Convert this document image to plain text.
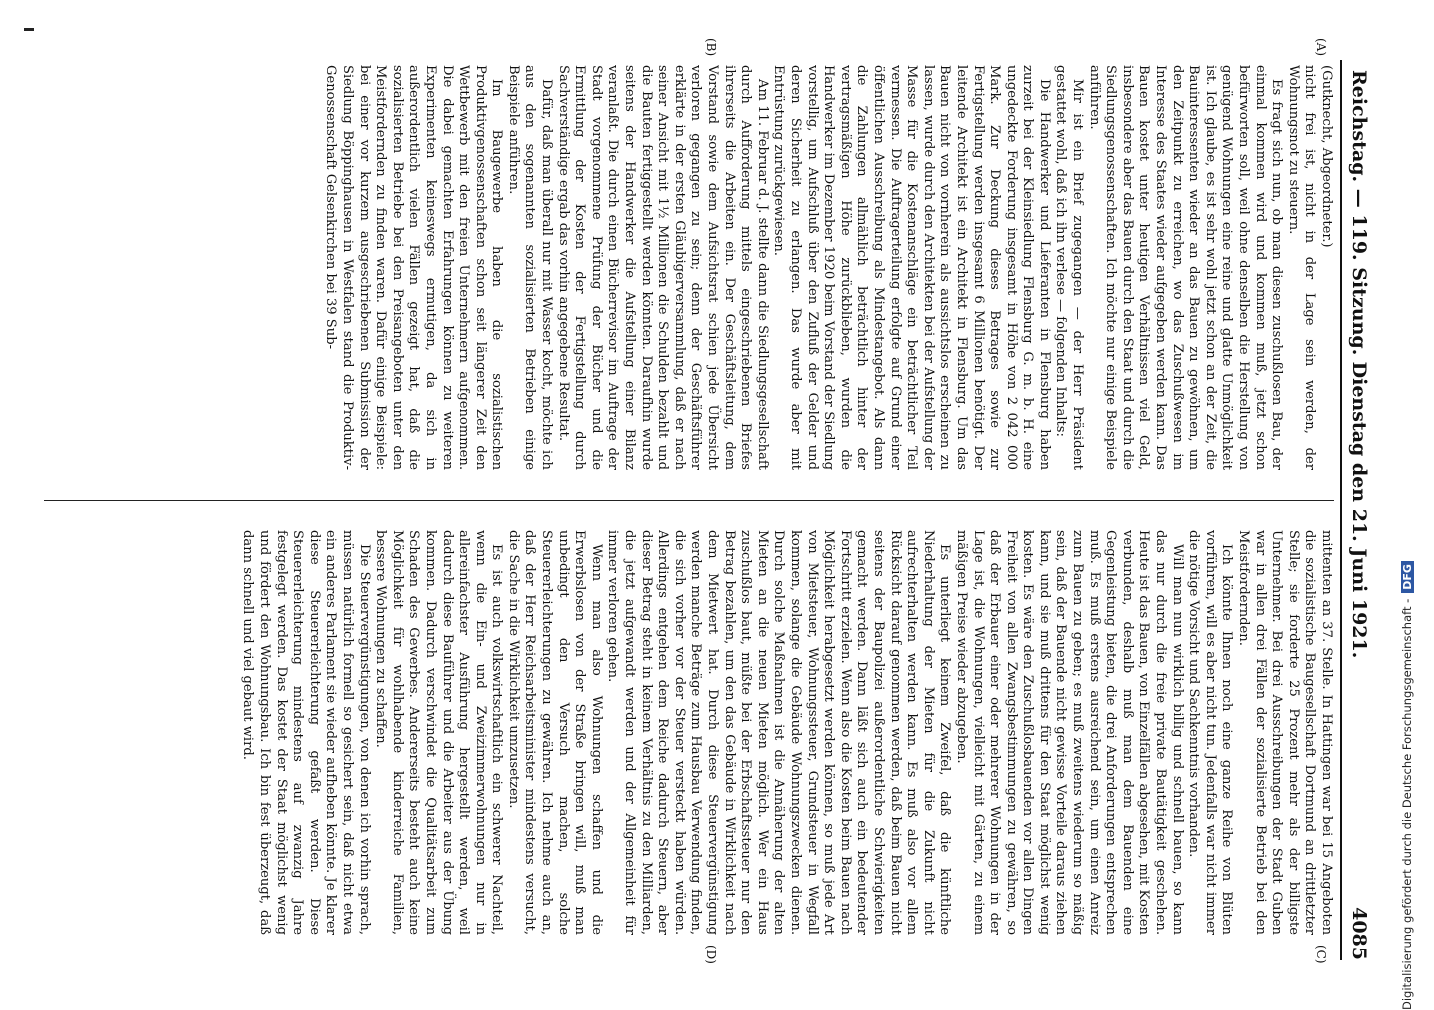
Reichstag. — 119. Sitzung.
Dienstag den 21. Juni 1921.
4085
(A)
(B)
(C)
(D)

(Gutknecht, Abgeordneter.)

nicht frei ist, nicht in der Lage sein werden, der Wohnungsnot zu steuern.

Es fragt sich nun, ob man diesen zuschußlosen Bau, der einmal kommen wird und kommen muß, jetzt schon befürworten soll, weil ohne denselben die Herstellung von genügend Wohnungen eine reine und glatte Unmöglichkeit ist. Ich glaube, es ist sehr wohl jetzt schon an der Zeit, die Bauinteressenten wieder an das Bauen zu gewöhnen, um den Zeitpunkt zu erreichen, wo das Zuschußwesen im Interesse des Staates wieder aufgegeben werden kann. Das Bauen kostet unter heutigen Verhältnissen viel Geld, insbesondere aber das Bauen durch den Staat und durch die Siedlungsgenossenschaften. Ich möchte nur einige Beispiele anführen.

Mir ist ein Brief zugegangen — der Herr Präsident gestattet wohl, daß ich ihn verlese — folgenden Inhalts:

Die Handwerker und Lieferanten in Flensburg haben zurzeit bei der Kleinsiedlung Flensburg G. m. b. H. eine ungedeckte Forderung insgesamt in Höhe von 2 042 000 Mark. Zur Deckung dieses Betrages sowie zur Fertigstellung werden insgesamt 6 Millionen benötigt. Der leitende Architekt ist ein Architekt in Flensburg. Um das Bauen nicht von vornherein als aussichtslos erscheinen zu lassen, wurde durch den Architekten bei der Aufstellung der Masse für die Kostenanschläge ein beträchtlicher Teil vermessen. Die Auftragerteilung erfolgte auf Grund einer öffentlichen Ausschreibung als Mindestangebot. Als dann die Zahlungen allmählich beträchtlich hinter der vertragsmäßigen Höhe zurückblieben, wurden die Handwerker im Dezember 1920 beim Vorstand der Siedlung vorstellig, um Aufschluß über den Zufluß der Gelder und deren Sicherheit zu erlangen. Das wurde aber mit Entrüstung zurückgewiesen.

Am 11. Februar d. J. stellte dann die Siedlungsgesellschaft durch Aufforderung mittels eingeschriebenen Briefes ihrerseits die Arbeiten ein. Der Geschäftsleitung, dem Vorstand sowie dem Aufsichtsrat schien jede Übersicht verloren gegangen zu sein; denn der Geschäftsführer erklärte in der ersten Gläubigerversammlung, daß er nach seiner Ansicht mit 1½ Millionen die Schulden bezahlt und die Bauten fertiggestellt werden könnten. Daraufhin wurde seitens der Handwerker die Aufstellung einer Bilanz veranlaßt. Die durch einen Bücherrevisor im Auftrage der Stadt vorgenommene Prüfung der Bücher und die Ermittlung der Kosten der Fertigstellung durch Sachverständige ergab das vorhin angegebene Resultat.

Dafür, daß man überall nur mit Wasser kocht, möchte ich aus den sogenannten sozialisierten Betrieben einige Beispiele anführen.

Im Baugewerbe haben die sozialistischen Produktivgenossenschaften schon seit längerer Zeit den Wettbewerb mit den freien Unternehmern aufgenommen. Die dabei gemachten Erfahrungen können zu weiteren Experimenten keineswegs ermutigen, da sich in außerordentlich vielen Fällen gezeigt hat, daß die sozialisierten Betriebe bei den Preisangeboten unter den Meistfordernden zu finden waren. Dafür einige Beispiele: bei einer vor kurzem ausgeschriebenen Submission der Siedlung Böppinghausen in Westfalen stand die Produktiv-Genossenschaft Gelsenkirchen bei 39 Sub-

mittenten an 37. Stelle. In Hattingen war bei 15 Angeboten die sozialistische Baugesellschaft Dortmund an drittletzter Stelle; sie forderte 25 Prozent mehr als der billigste Unternehmer. Bei drei Ausschreibungen der Stadt Guben war in allen drei Fällen der sozialisierte Betrieb bei den Meistfordernden.

Ich könnte Ihnen noch eine ganze Reihe von Blüten vorführen, will es aber nicht tun. Jedenfalls war nicht immer die nötige Vorsicht und Sachkenntnis vorhanden.

Will man nun wirklich billig und schnell bauen, so kann das nur durch die freie private Bautätigkeit geschehen. Heute ist das Bauen, von Einzelfällen abgesehen, mit Kosten verbunden, deshalb muß man dem Bauenden eine Gegenleistung bieten, die drei Anforderungen entsprechen muß. Es muß erstens ausreichend sein, um einen Anreiz zum Bauen zu geben; es muß zweitens wiederum so mäßig sein, daß der Bauende nicht gewisse Vorteile daraus ziehen kann, und sie muß drittens für den Staat möglichst wenig kosten. Es wäre den Zuschußlosbauenden vor allen Dingen Freiheit von allen Zwangsbestimmungen zu gewähren, so daß der Erbauer einer oder mehrerer Wohnungen in der Lage ist, die Wohnungen, vielleicht mit Gärten, zu einem mäßigen Preise wieder abzugeben.

Es unterliegt keinem Zweifel, daß die künftliche Niederhaltung der Mieten für die Zukunft nicht aufrechterhalten werden kann. Es muß also vor allem Rücksicht darauf genommen werden, daß beim Bauen nicht seitens der Baupolizei außerordentliche Schwierigkeiten gemacht werden. Dann läßt sich auch ein bedeutender Fortschritt erzielen. Wenn also die Kosten beim Bauen nach Möglichkeit herabgesetzt werden können, so muß jede Art von Mietsteuer, Wohnungssteuer, Grundsteuer in Wegfall kommen, solange die Gebäude Wohnungszwecken dienen. Durch solche Maßnahmen ist die Annäherung der alten Mieten an die neuen Mieten möglich. Wer ein Haus zuschußlos baut, müßte bei der Erbschaftssteuer nur den Betrag bezahlen, um den das Gebäude in Wirklichkeit nach dem Mietwert hat. Durch diese Steuervergünstigung werden manche Beträge zum Hausbau Verwendung finden, die sich vorher vor der Steuer versteckt haben würden. Allerdings entgehen dem Reiche dadurch Steuern, aber dieser Betrag steht in keinem Verhältnis zu den Milliarden, die jetzt aufgewandt werden und der Allgemeinheit für immer verloren gehen.

Wenn man also Wohnungen schaffen und die Erwerbslosen von der Straße bringen will, muß man unbedingt den Versuch machen, solche Steuererleichterungen zu gewähren. Ich nehme auch an, daß der Herr Reichsarbeitsminister mindestens versucht, die Sache in die Wirklichkeit umzusetzen.

Es ist auch volkswirtschaftlich ein schwerer Nachteil, wenn die Ein- und Zweizimmerwohnungen nur in allereinfachster Ausführung hergestellt werden, weil dadurch diese Bauführer und die Arbeiter aus der Übung kommen. Dadurch verschwindet die Qualitätsarbeit zum Schaden des Gewerbes. Andererseits besteht auch keine Möglichkeit für wohlhabende kinderreiche Familien, bessere Wohnungen zu schaffen.

Die Steuervergünstigungen, von denen ich vorhin sprach, müssen natürlich formell so gesichert sein, daß nicht etwa ein anderes Parlament sie wieder aufheben könnte. Je klarer diese Steuererleichterung gefaßt werden. Diese Steuererleichterung mindestens auf zwanzig Jahre festgelegt werden. Das kostet der Staat möglichst wenig und fördert den Wohnungsbau. Ich bin fest überzeugt, daß dann schnell und viel gebaut wird.	Digitalisierung gefördert durch die Deutsche Forschungsgemeinschaft -DFG
